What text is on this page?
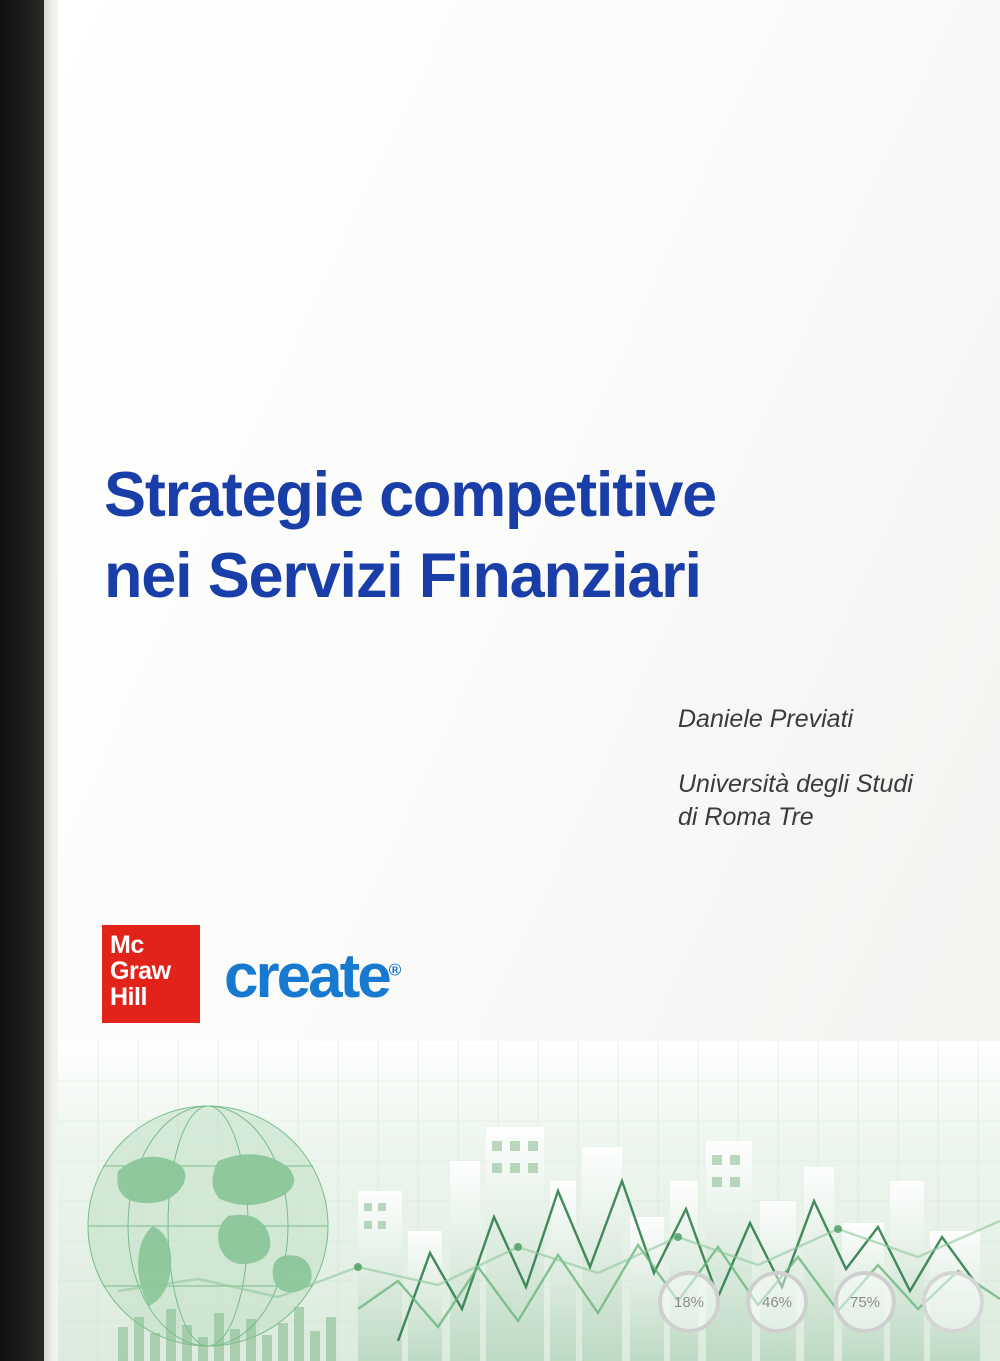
Strategie competitive
nei Servizi Finanziari
Daniele Previati
Università degli Studi
di Roma Tre
Mc
Graw
Hill	create®
18%	46%	75%
